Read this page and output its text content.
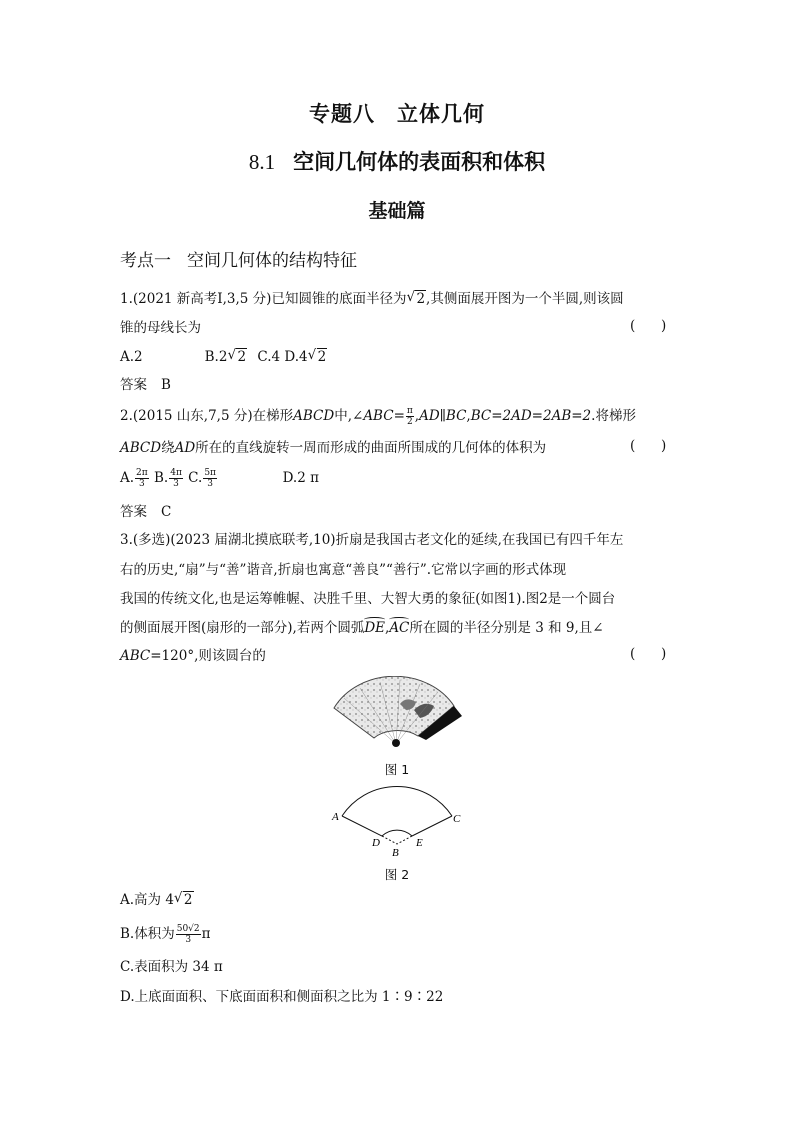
专题八 立体几何
8.1 空间几何体的表面积和体积
基础篇
考点一 空间几何体的结构特征
1.(2021 新高考Ⅰ,3,5 分)已知圆锥的底面半径为 √ 2,其侧面展开图为一个半圆,则该圆
锥的母线长为	(      )
A.2	B.2 √ 2 C.4 D.4 √ 2
答案 B
2.(2015 山东,7,5 分)在梯形ABCD中,∠ABC= $\frac{\pi}{2}$ ,AD∥BC,BC=2AD=2AB=2.将梯形
ABCD绕AD所在的直线旋转一周而形成的曲面所围成的几何体的体积为	(      )
A. $\frac{2\pi}{3} B$. $\frac{4\pi}{3} C$. $\frac{5\pi}{3}$	D.2 π
答案 C
3.(多选)(2023 届湖北摸底联考,10)折扇是我国古老文化的延续,在我国已有四千年左
右的历史,“扇”与“善”谐音,折扇也寓意“善良”“善行”.它常以字画的形式体现
我国的传统文化,也是运筹帷幄、决胜千里、大智大勇的象征(如图1).图2是一个圆台
的侧面展开图(扇形的一部分),若两个圆弧DE,AC所在圆的半径分别是 3 和 9,且∠
ABC=120°,则该圆台的	(      )
图 1
A	C
D	E
B
图 2
A.高为 4 √ 2
B.体积为 $\frac{50√2}{3}$ π
C.表面积为 34 π
D.上底面面积、下底面面积和侧面积之比为 1∶9∶22
